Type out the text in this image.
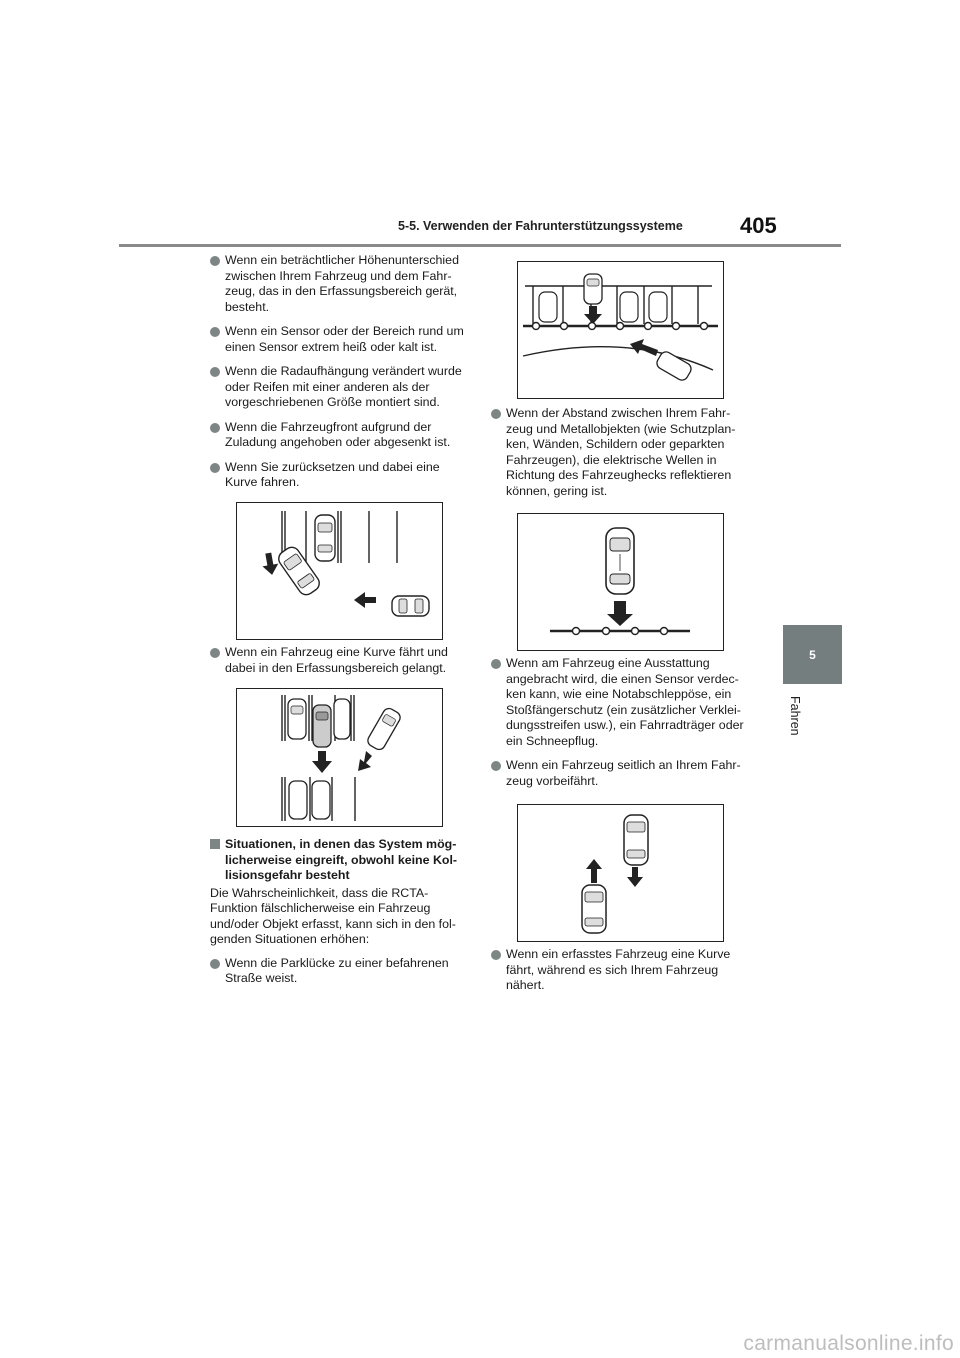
5-5. Verwenden der Fahrunterstützungssysteme	405
5
Fahren
Wenn ein beträchtlicher Höhenunterschied zwischen Ihrem Fahrzeug und dem Fahr-zeug, das in den Erfassungsbereich gerät, besteht.
Wenn ein Sensor oder der Bereich rund um einen Sensor extrem heiß oder kalt ist.
Wenn die Radaufhängung verändert wurde oder Reifen mit einer anderen als der vorgeschriebenen Größe montiert sind.
Wenn die Fahrzeugfront aufgrund der Zuladung angehoben oder abgesenkt ist.
Wenn Sie zurücksetzen und dabei eine Kurve fahren.
Wenn ein Fahrzeug eine Kurve fährt und dabei in den Erfassungsbereich gelangt.
Situationen, in denen das System mög-licherweise eingreift, obwohl keine Kol-lisionsgefahr besteht
Die Wahrscheinlichkeit, dass die RCTA-Funktion fälschlicherweise ein Fahrzeug und/oder Objekt erfasst, kann sich in den fol-genden Situationen erhöhen:
Wenn die Parklücke zu einer befahrenen Straße weist.
Wenn der Abstand zwischen Ihrem Fahr-zeug und Metallobjekten (wie Schutzplan-ken, Wänden, Schildern oder geparkten Fahrzeugen), die elektrische Wellen in Richtung des Fahrzeughecks reflektieren können, gering ist.
Wenn am Fahrzeug eine Ausstattung angebracht wird, die einen Sensor verdec-ken kann, wie eine Notabschleppöse, ein Stoßfängerschutz (ein zusätzlicher Verklei-dungsstreifen usw.), ein Fahrradträger oder ein Schneepflug.
Wenn ein Fahrzeug seitlich an Ihrem Fahr-zeug vorbeifährt.
Wenn ein erfasstes Fahrzeug eine Kurve fährt, während es sich Ihrem Fahrzeug nähert.
carmanualsonline.info
